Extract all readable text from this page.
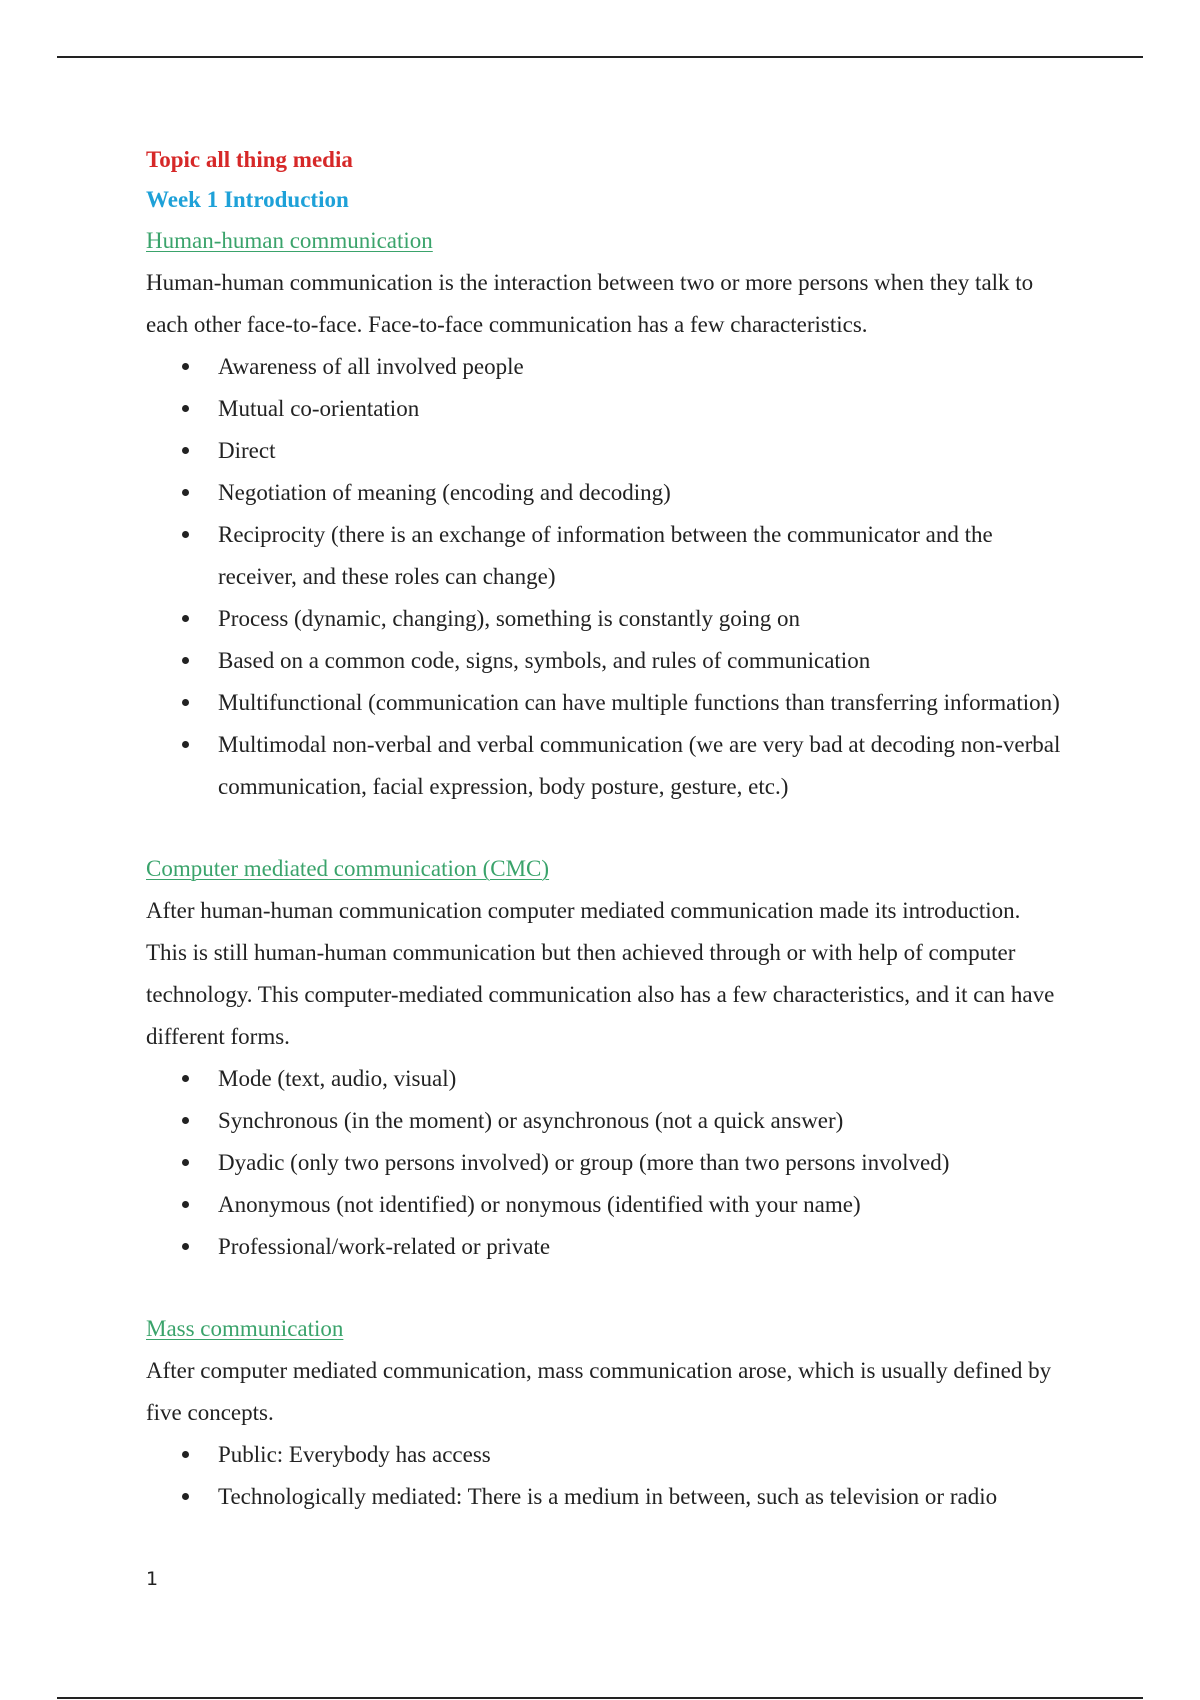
Topic all thing media

Week 1 Introduction

Human-human communication

Human-human communication is the interaction between two or more persons when they talk to each other face-to-face. Face-to-face communication has a few characteristics.

Awareness of all involved people
Mutual co-orientation
Direct
Negotiation of meaning (encoding and decoding)
Reciprocity (there is an exchange of information between the communicator and the receiver, and these roles can change)
Process (dynamic, changing), something is constantly going on
Based on a common code, signs, symbols, and rules of communication
Multifunctional (communication can have multiple functions than transferring information)
Multimodal non-verbal and verbal communication (we are very bad at decoding non-verbal communication, facial expression, body posture, gesture, etc.)

Computer mediated communication (CMC)

After human-human communication computer mediated communication made its introduction. This is still human-human communication but then achieved through or with help of computer technology. This computer-mediated communication also has a few characteristics, and it can have different forms.

Mode (text, audio, visual)
Synchronous (in the moment) or asynchronous (not a quick answer)
Dyadic (only two persons involved) or group (more than two persons involved)
Anonymous (not identified) or nonymous (identified with your name)
Professional/work-related or private

Mass communication

After computer mediated communication, mass communication arose, which is usually defined by five concepts.

Public: Everybody has access
Technologically mediated: There is a medium in between, such as television or radio
1
